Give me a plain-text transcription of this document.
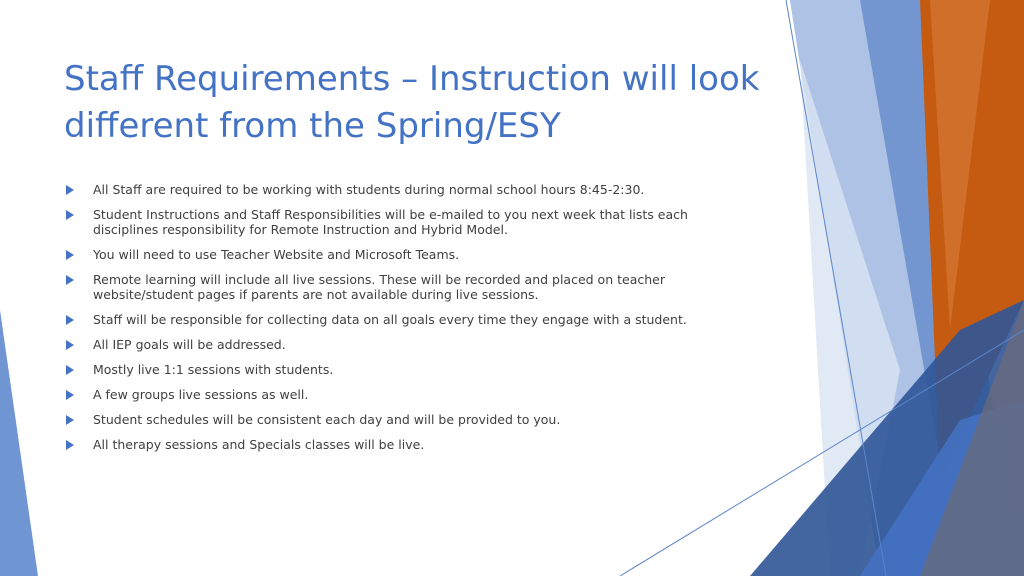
Staff Requirements – Instruction will look different from the Spring/ESY
All Staff are required to be working with students during normal school hours 8:45-2:30.
Student Instructions and Staff Responsibilities will be e-mailed to you next week that lists each disciplines responsibility for Remote Instruction and Hybrid Model.
You will need to use Teacher Website and Microsoft Teams.
Remote learning will include all live sessions. These will be recorded and placed on teacher website/student pages if parents are not available during live sessions.
Staff will be responsible for collecting data on all goals every time they engage with a student.
All IEP goals will be addressed.
Mostly live 1:1 sessions with students.
A few groups live sessions as well.
Student schedules will be consistent each day and will be provided to you.
All therapy sessions and Specials classes will be live.
